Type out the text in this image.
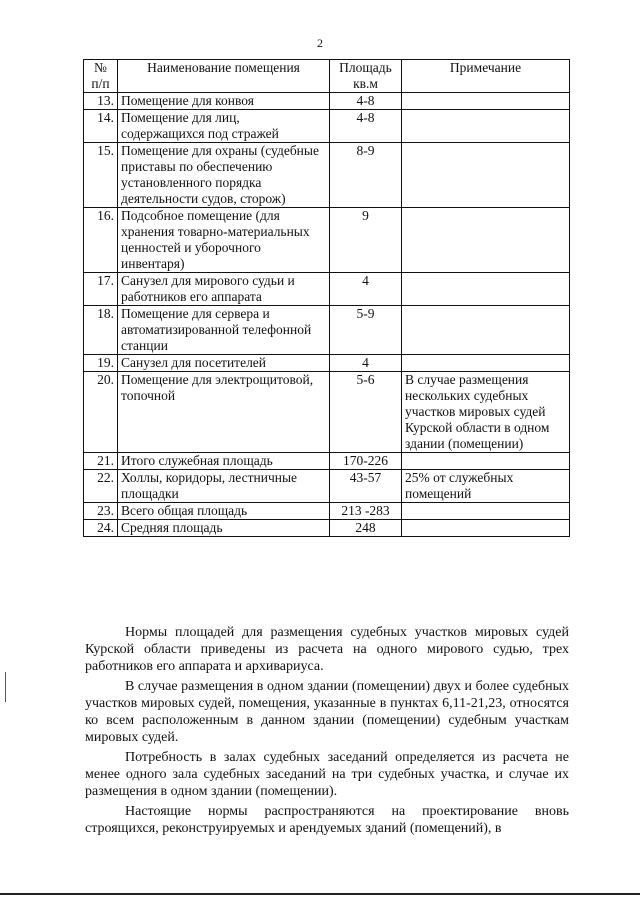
2
№ п/п	Наименование помещения	Площадь кв.м	Примечание
13.	Помещение для конвоя	4-8	
14.	Помещение для лиц, содержащихся под стражей	4-8	
15.	Помещение для охраны (судебные приставы по обеспечению установленного порядка деятельности судов, сторож)	8-9	
16.	Подсобное помещение (для хранения товарно-материальных ценностей и уборочного инвентаря)	9	
17.	Санузел для мирового судьи и работников его аппарата	4	
18.	Помещение для сервера и автоматизированной телефонной станции	5-9	
19.	Санузел для посетителей	4	
20.	Помещение для электрощитовой, топочной	5-6	В случае размещения нескольких судебных участков мировых судей Курской области в одном здании (помещении)
21.	Итого служебная площадь	170-226	
22.	Холлы, коридоры, лестничные площадки	43-57	25% от служебных помещений
23.	Всего общая площадь	213 -283	
24.	Средняя площадь	248	

Нормы площадей для размещения судебных участков мировых судей Курской области приведены из расчета на одного мирового судью, трех работников его аппарата и архивариуса.

В случае размещения в одном здании (помещении) двух и более судебных участков мировых судей, помещения, указанные в пунктах 6,11-21,23, относятся ко всем расположенным в данном здании (помещении) судебным участкам мировых судей.

Потребность в залах судебных заседаний определяется из расчета не менее одного зала судебных заседаний на три судебных участка, и случае их размещения в одном здании (помещении).

Настоящие нормы распространяются на проектирование вновь строящихся, реконструируемых и арендуемых зданий (помещений), в
